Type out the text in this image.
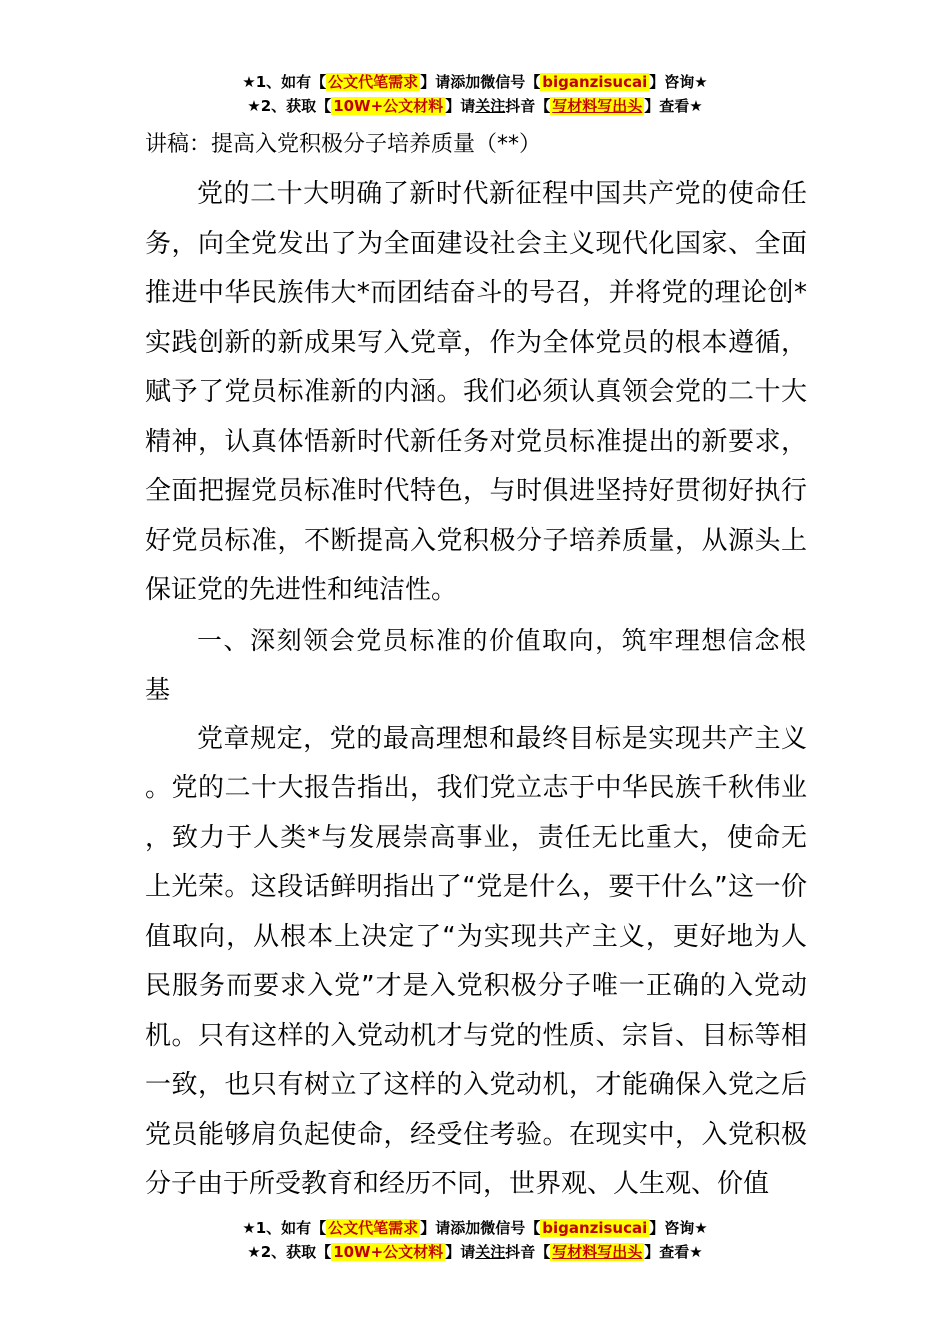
★1、如有【 公文代笔需求 】请添加微信号【 biganzisucai 】咨询★
★2、获取【 10W+公文材料 】请关注抖音【 写材料写出头 】查看★
讲稿：提高入党积极分子培养质量（**）

党的二十大明确了新时代新征程中国共产党的使命任务，向全党发出了为全面建设社会主义现代化国家、全面推进中华民族伟大*而团结奋斗的号召，并将党的理论创*实践创新的新成果写入党章，作为全体党员的根本遵循，赋予了党员标准新的内涵。我们必须认真领会党的二十大精神，认真体悟新时代新任务对党员标准提出的新要求，全面把握党员标准时代特色，与时俱进坚持好贯彻好执行好党员标准，不断提高入党积极分子培养质量，从源头上保证党的先进性和纯洁性。

一、深刻领会党员标准的价值取向，筑牢理想信念根基

党章规定，党的最高理想和最终目标是实现共产主义。党的二十大报告指出，我们党立志于中华民族千秋伟业，致力于人类*与发展崇高事业，责任无比重大，使命无上光荣。这段话鲜明指出了“党是什么，要干什么”这一价值取向，从根本上决定了“为实现共产主义，更好地为人民服务而要求入党”才是入党积极分子唯一正确的入党动机。只有这样的入党动机才与党的性质、宗旨、目标等相一致，也只有树立了这样的入党动机，才能确保入党之后党员能够肩负起使命，经受住考验。在现实中，入党积极分子由于所受教育和经历不同，世界观、人生观、价值

★1、如有【 公文代笔需求 】请添加微信号【 biganzisucai 】咨询★
★2、获取【 10W+公文材料 】请关注抖音【 写材料写出头 】查看★
